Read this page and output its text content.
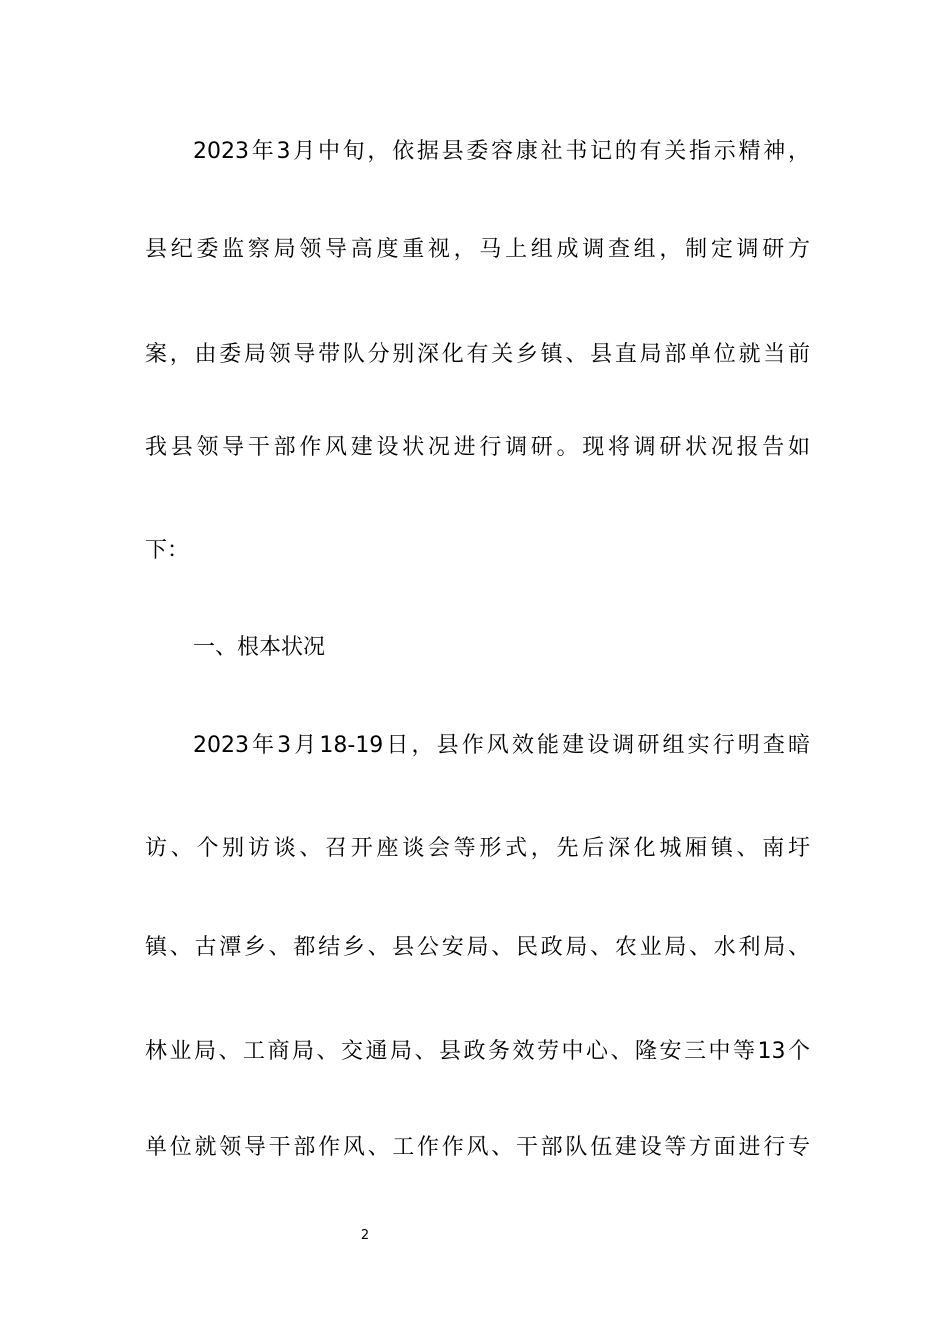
2023年3月中旬，依据县委容康社书记的有关指示精神，
县纪委监察局领导高度重视，马上组成调查组，制定调研方
案，由委局领导带队分别深化有关乡镇、县直局部单位就当前
我县领导干部作风建设状况进行调研。现将调研状况报告如
下：
一、根本状况
2023年3月18-19日，县作风效能建设调研组实行明查暗
访、个别访谈、召开座谈会等形式，先后深化城厢镇、南圩
镇、古潭乡、都结乡、县公安局、民政局、农业局、水利局、
林业局、工商局、交通局、县政务效劳中心、隆安三中等13个
单位就领导干部作风、工作作风、干部队伍建设等方面进行专
2
